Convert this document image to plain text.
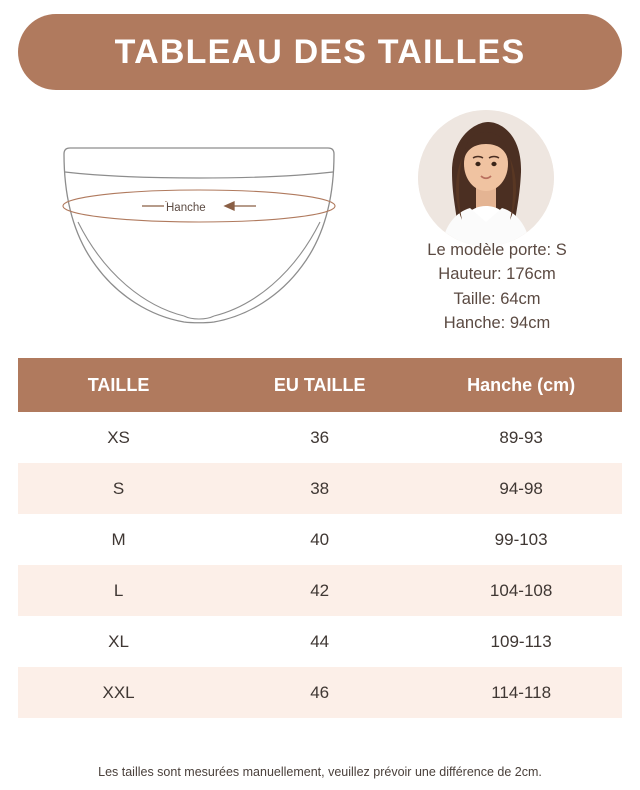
TABLEAU DES TAILLES
Hanche
Le modèle porte: S
Hauteur: 176cm
Taille: 64cm
Hanche: 94cm
TAILLE	EU TAILLE	Hanche (cm)
XS	36	89-93
S	38	94-98
M	40	99-103
L	42	104-108
XL	44	109-113
XXL	46	114-118
Les tailles sont mesurées manuellement, veuillez prévoir une différence de 2cm.
